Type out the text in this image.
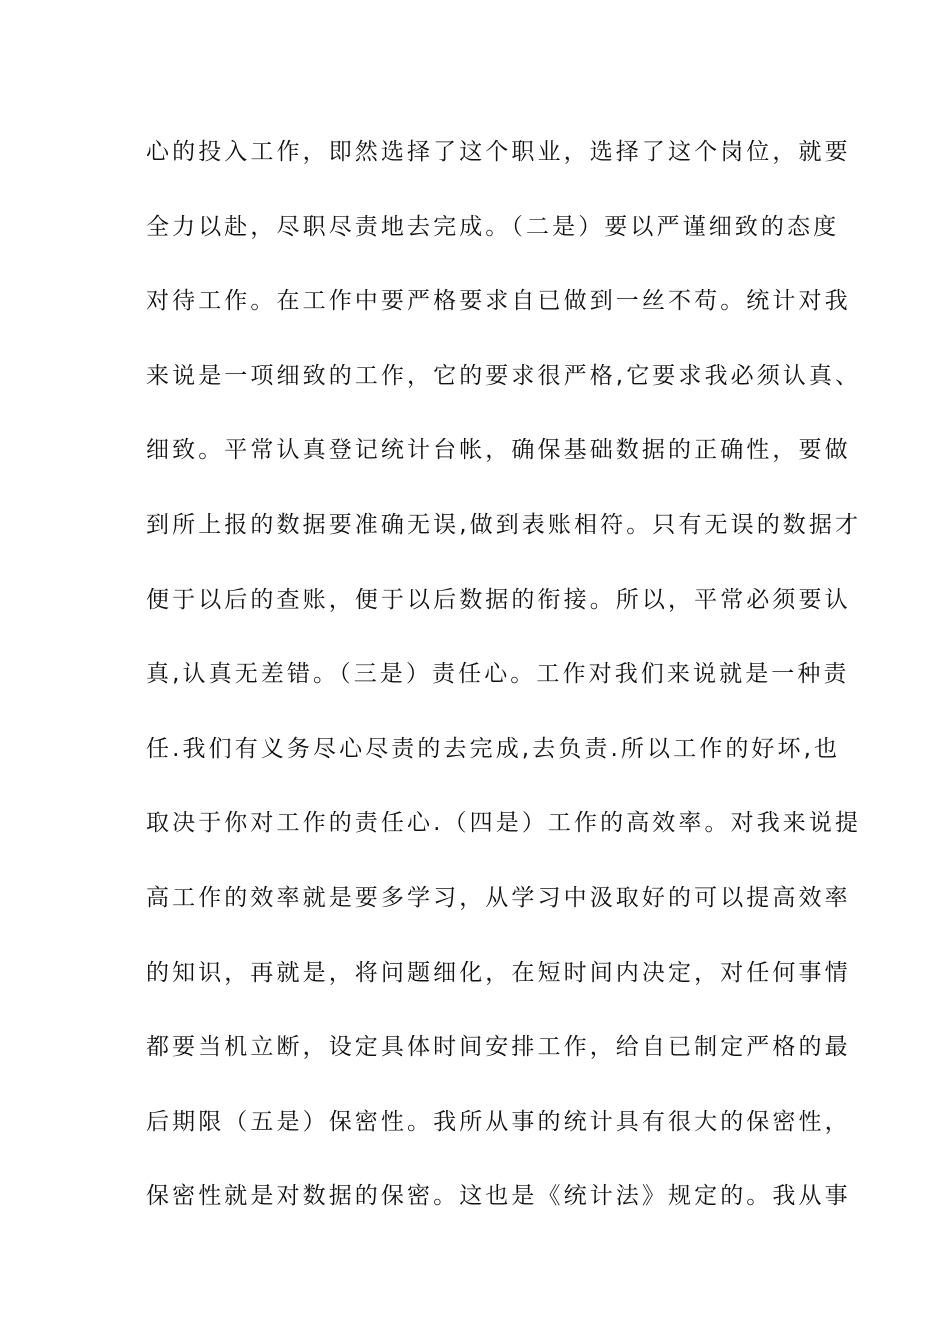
心的投入工作，即然选择了这个职业，选择了这个岗位，就要
全力以赴，尽职尽责地去完成。（二是）要以严谨细致的态度
对待工作。在工作中要严格要求自已做到一丝不苟。统计对我
来说是一项细致的工作，它的要求很严格,它要求我必须认真、
细致。平常认真登记统计台帐，确保基础数据的正确性，要做
到所上报的数据要准确无误,做到表账相符。只有无误的数据才
便于以后的查账，便于以后数据的衔接。所以，平常必须要认
真,认真无差错。（三是）责任心。工作对我们来说就是一种责
任.我们有义务尽心尽责的去完成,去负责.所以工作的好坏,也
取决于你对工作的责任心.（四是）工作的高效率。对我来说提
高工作的效率就是要多学习，从学习中汲取好的可以提高效率
的知识，再就是，将问题细化，在短时间内决定，对任何事情
都要当机立断，设定具体时间安排工作，给自已制定严格的最
后期限（五是）保密性。我所从事的统计具有很大的保密性，
保密性就是对数据的保密。这也是《统计法》规定的。我从事
